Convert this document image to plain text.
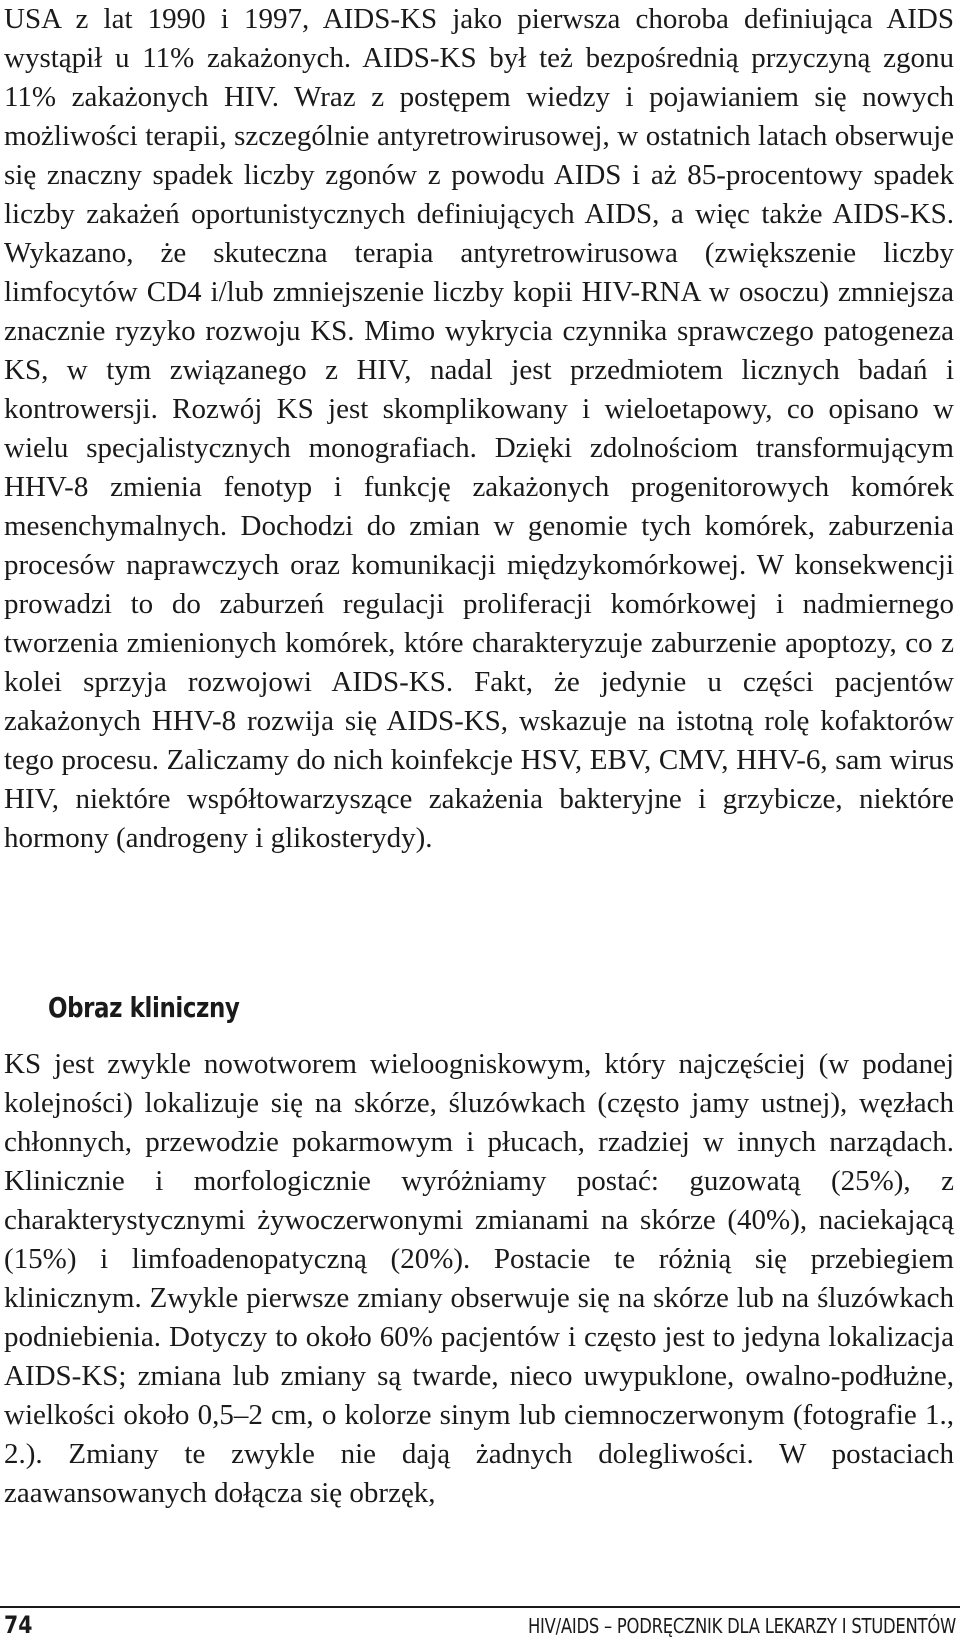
USA z lat 1990 i 1997, AIDS-KS jako pierwsza choroba definiująca AIDS wystąpił u 11% zakażonych. AIDS-KS był też bezpośrednią przyczyną zgonu 11% zakażonych HIV. Wraz z postępem wiedzy i pojawianiem się nowych możliwości terapii, szczególnie antyretrowirusowej, w ostatnich latach obserwuje się znaczny spadek liczby zgonów z powodu AIDS i aż 85-procentowy spadek liczby zakażeń oportunistycznych definiujących AIDS, a więc także AIDS-KS. Wykazano, że skuteczna terapia antyretrowirusowa (zwiększenie liczby limfocytów CD4 i/lub zmniejszenie liczby kopii HIV-RNA w osoczu) zmniejsza znacznie ryzyko rozwoju KS. Mimo wykrycia czynnika sprawczego patogeneza KS, w tym związanego z HIV, nadal jest przedmiotem licznych badań i kontrowersji. Rozwój KS jest skomplikowany i wieloetapowy, co opisano w wielu specjalistycznych monografiach. Dzięki zdolnościom transformującym HHV-8 zmienia fenotyp i funkcję zakażonych progenitorowych komórek mesenchymalnych. Dochodzi do zmian w genomie tych komórek, zaburzenia procesów naprawczych oraz komunikacji międzykomórkowej. W konsekwencji prowadzi to do zaburzeń regulacji proliferacji komórkowej i nadmiernego tworzenia zmienionych komórek, które charakteryzuje zaburzenie apoptozy, co z kolei sprzyja rozwojowi AIDS-KS. Fakt, że jedynie u części pacjentów zakażonych HHV-8 rozwija się AIDS-KS, wskazuje na istotną rolę kofaktorów tego procesu. Zaliczamy do nich koinfekcje HSV, EBV, CMV, HHV-6, sam wirus HIV, niektóre współtowarzyszące zakażenia bakteryjne i grzybicze, niektóre hormony (androgeny i glikosterydy).

Obraz kliniczny

KS jest zwykle nowotworem wieloogniskowym, który najczęściej (w podanej kolejności) lokalizuje się na skórze, śluzówkach (często jamy ustnej), węzłach chłonnych, przewodzie pokarmowym i płucach, rzadziej w innych narządach. Klinicznie i morfologicznie wyróżniamy postać: guzowatą (25%), z charakterystycznymi żywoczerwonymi zmianami na skórze (40%), naciekającą (15%) i limfoadenopatyczną (20%). Postacie te różnią się przebiegiem klinicznym. Zwykle pierwsze zmiany obserwuje się na skórze lub na śluzówkach podniebienia. Dotyczy to około 60% pacjentów i często jest to jedyna lokalizacja AIDS-KS; zmiana lub zmiany są twarde, nieco uwypuklone, owalno-podłużne, wielkości około 0,5–2 cm, o kolorze sinym lub ciemnoczerwonym (fotografie 1., 2.). Zmiany te zwykle nie dają żadnych dolegliwości. W postaciach zaawansowanych dołącza się obrzęk,

74	HIV/AIDS – PODRĘCZNIK DLA LEKARZY I STUDENTÓW
